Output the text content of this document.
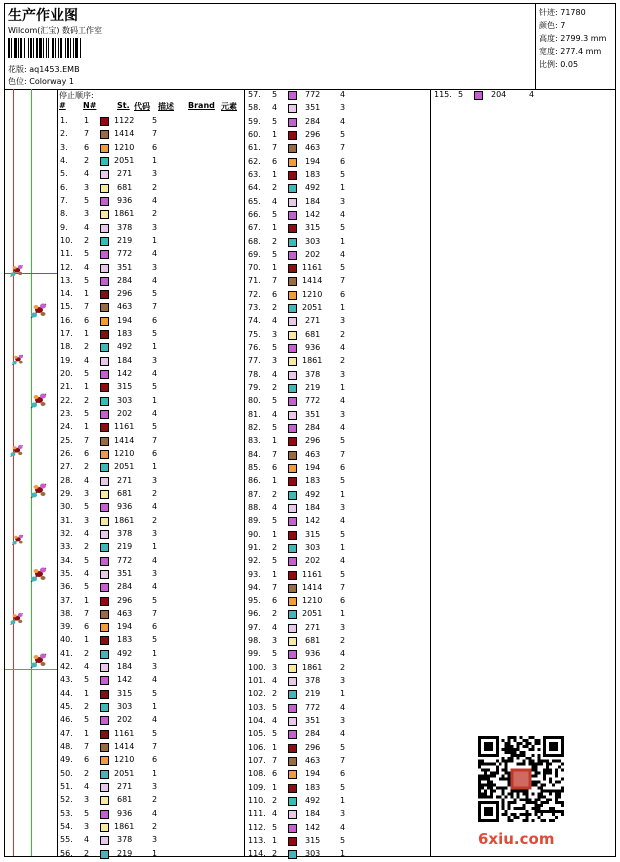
生产作业图
Wilcom(汇宝) 数码工作室
花版: aq1453.EMB
色位: Colorway 1
针迹: 71780
颜色: 7
高度: 2799.3 mm
宽度: 277.4 mm
比例: 0.05
停止顺序:
# N#	St. 代码 描述 Brand 元素
1. 1	1122 5
2. 7	1414 7
3. 6	1210 6
4. 2	2051 1
5. 4	271 3
6. 3	681 2
7. 5	936 4
8. 3	1861 2
9. 4	378 3
10. 2	219 1
11. 5	772 4
12. 4	351 3
13. 5	284 4
14. 1	296 5
15. 7	463 7
16. 6	194 6
17. 1	183 5
18. 2	492 1
19. 4	184 3
20. 5	142 4
21. 1	315 5
22. 2	303 1
23. 5	202 4
24. 1	1161 5
25. 7	1414 7
26. 6	1210 6
27. 2	2051 1
28. 4	271 3
29. 3	681 2
30. 5	936 4
31. 3	1861 2
32. 4	378 3
33. 2	219 1
34. 5	772 4
35. 4	351 3
36. 5	284 4
37. 1	296 5
38. 7	463 7
39. 6	194 6
40. 1	183 5
41. 2	492 1
42. 4	184 3
43. 5	142 4
44. 1	315 5
45. 2	303 1
46. 5	202 4
47. 1	1161 5
48. 7	1414 7
49. 6	1210 6
50. 2	2051 1
51. 4	271 3
52. 3	681 2
53. 5	936 4
54. 3	1861 2
55. 4	378 3
56. 2	219 1
57. 5	772 4
58. 4	351 3
59. 5	284 4
60. 1	296 5
61. 7	463 7
62. 6	194 6
63. 1	183 5
64. 2	492 1
65. 4	184 3
66. 5	142 4
67. 1	315 5
68. 2	303 1
69. 5	202 4
70. 1	1161 5
71. 7	1414 7
72. 6	1210 6
73. 2	2051 1
74. 4	271 3
75. 3	681 2
76. 5	936 4
77. 3	1861 2
78. 4	378 3
79. 2	219 1
80. 5	772 4
81. 4	351 3
82. 5	284 4
83. 1	296 5
84. 7	463 7
85. 6	194 6
86. 1	183 5
87. 2	492 1
88. 4	184 3
89. 5	142 4
90. 1	315 5
91. 2	303 1
92. 5	202 4
93. 1	1161 5
94. 7	1414 7
95. 6	1210 6
96. 2	2051 1
97. 4	271 3
98. 3	681 2
99. 5	936 4
100. 3	1861 2
101. 4	378 3
102. 2	219 1
103. 5	772 4
104. 4	351 3
105. 5	284 4
106. 1	296 5
107. 7	463 7
108. 6	194 6
109. 1	183 5
110. 2	492 1
111. 4	184 3
112. 5	142 4
113. 1	315 5
114. 2	303 1
115. 5	204	4
6xiu.com
